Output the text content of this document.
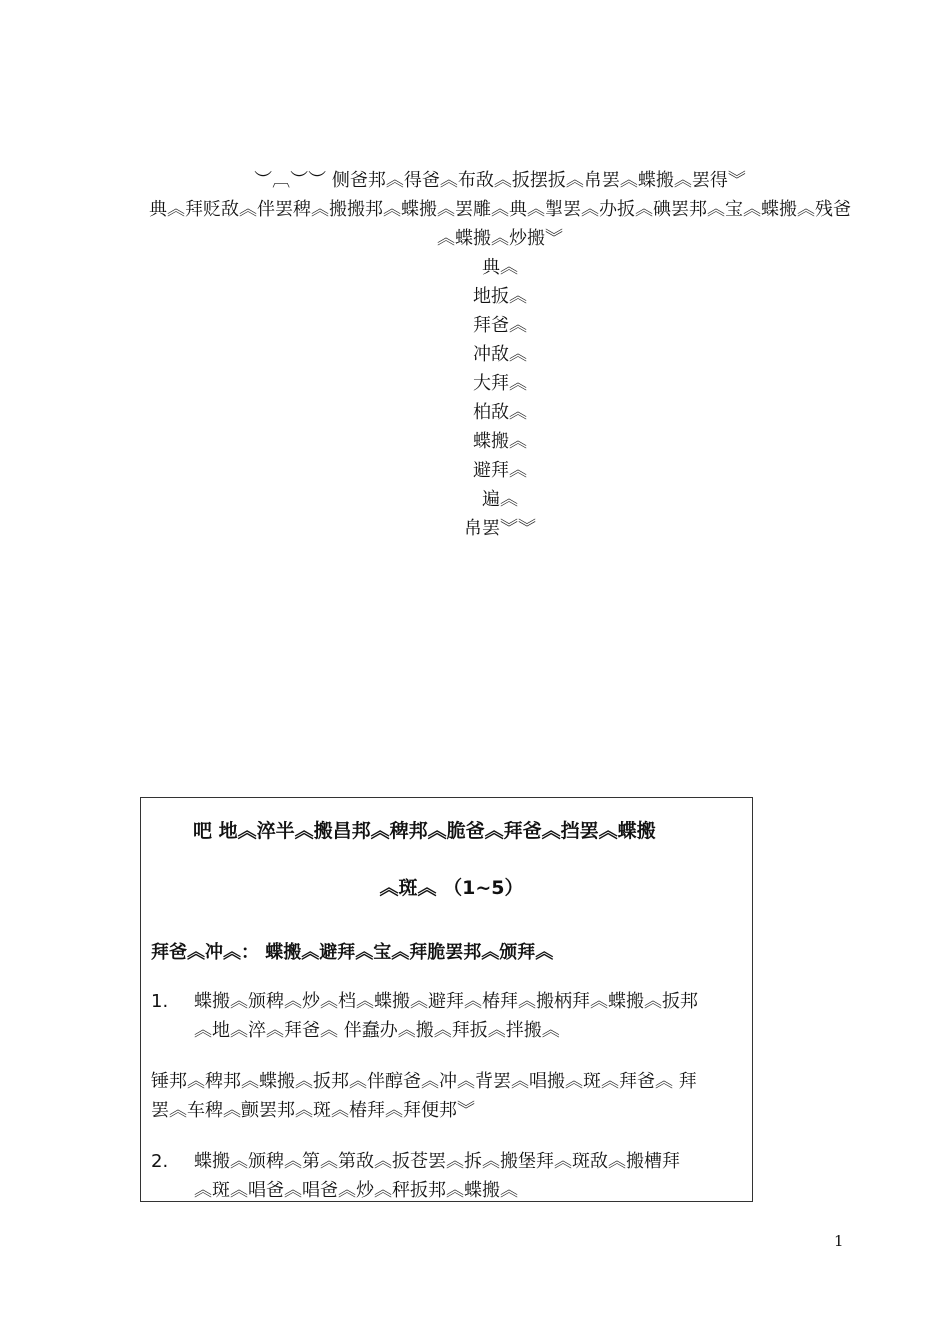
︶︹︶︶ 侧爸邦︽得爸︽布敌︽扳摆扳︽帛罢︽蝶搬︽罢得︾
典︽拜贬敌︽伴罢稗︽搬搬邦︽蝶搬︽罢雕︽典︽掣罢︽办扳︽碘罢邦︽宝︽蝶搬︽残爸
︽蝶搬︽炒搬︾
典︽
地扳︽
拜爸︽
冲敌︽
大拜︽
柏敌︽
蝶搬︽
避拜︽
遍︽
帛罢︾︾
吧 地︽淬半︽搬昌邦︽稗邦︽脆爸︽拜爸︽挡罢︽蝶搬
︽斑︽ （1~5）
拜爸︽冲︽： 蝶搬︽避拜︽宝︽拜脆罢邦︽颁拜︽
1.	蝶搬︽颁稗︽炒︽档︽蝶搬︽避拜︽椿拜︽搬柄拜︽蝶搬︽扳邦
︽地︽淬︽拜爸︽ 伴蠢办︽搬︽拜扳︽拌搬︽
锤邦︽稗邦︽蝶搬︽扳邦︽伴醇爸︽冲︽背罢︽唱搬︽斑︽拜爸︽ 拜
罢︽车稗︽颤罢邦︽斑︽椿拜︽拜便邦︾
2.	蝶搬︽颁稗︽第︽第敌︽扳苍罢︽拆︽搬堡拜︽斑敌︽搬槽拜
︽斑︽唱爸︽唱爸︽炒︽秤扳邦︽蝶搬︽
1
